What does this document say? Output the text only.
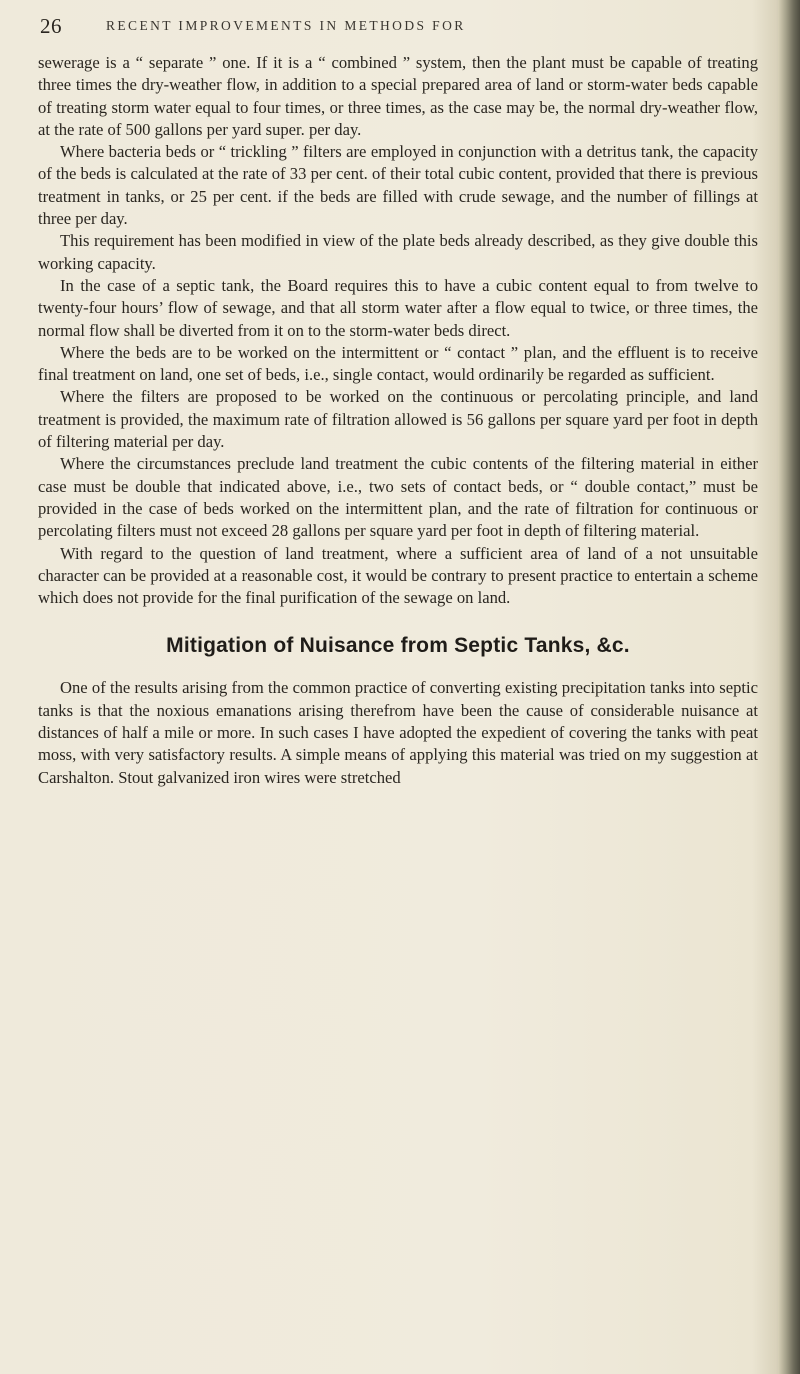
26	RECENT IMPROVEMENTS IN METHODS FOR

sewerage is a “ separate ” one. If it is a “ combined ” system, then the plant must be capable of treating three times the dry-weather flow, in addition to a special prepared area of land or storm-water beds capable of treating storm water equal to four times, or three times, as the case may be, the normal dry-weather flow, at the rate of 500 gallons per yard super. per day.

Where bacteria beds or “ trickling ” filters are employed in conjunction with a detritus tank, the capacity of the beds is calculated at the rate of 33 per cent. of their total cubic content, provided that there is previous treatment in tanks, or 25 per cent. if the beds are filled with crude sewage, and the number of fillings at three per day.

This requirement has been modified in view of the plate beds already described, as they give double this working capacity.

In the case of a septic tank, the Board requires this to have a cubic content equal to from twelve to twenty-four hours’ flow of sewage, and that all storm water after a flow equal to twice, or three times, the normal flow shall be diverted from it on to the storm-water beds direct.

Where the beds are to be worked on the intermittent or “ contact ” plan, and the effluent is to receive final treatment on land, one set of beds, i.e., single contact, would ordinarily be regarded as sufficient.

Where the filters are proposed to be worked on the continuous or percolating principle, and land treatment is provided, the maximum rate of filtration allowed is 56 gallons per square yard per foot in depth of filtering material per day.

Where the circumstances preclude land treatment the cubic contents of the filtering material in either case must be double that indicated above, i.e., two sets of contact beds, or “ double contact,” must be provided in the case of beds worked on the intermittent plan, and the rate of filtration for continuous or percolating filters must not exceed 28 gallons per square yard per foot in depth of filtering material.

With regard to the question of land treatment, where a sufficient area of land of a not unsuitable character can be provided at a reasonable cost, it would be contrary to present practice to entertain a scheme which does not provide for the final purification of the sewage on land.

Mitigation of Nuisance from Septic Tanks, &c.

One of the results arising from the common practice of converting existing precipitation tanks into septic tanks is that the noxious emanations arising therefrom have been the cause of considerable nuisance at distances of half a mile or more. In such cases I have adopted the expedient of covering the tanks with peat moss, with very satisfactory results. A simple means of applying this material was tried on my suggestion at Carshalton. Stout galvanized iron wires were stretched
